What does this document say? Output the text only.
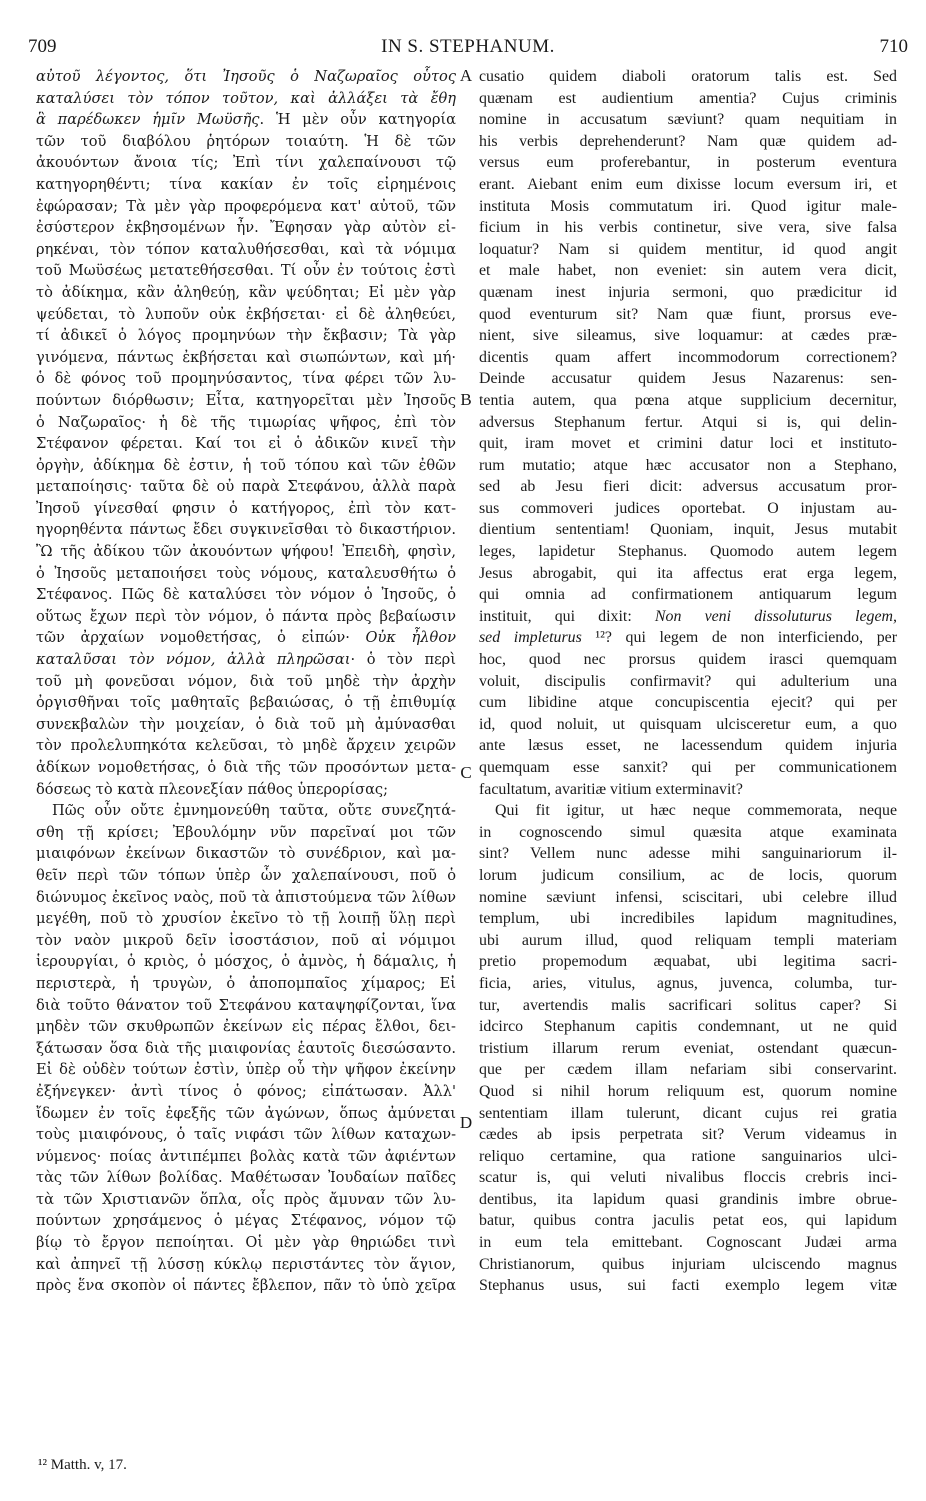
709	IN S. STEPHANUM.	710
αὐτοῦ λέγοντος, ὅτι Ἰησοῦς ὁ Ναζωραῖος οὗτος
καταλύσει τὸν τόπον τοῦτον, καὶ ἀλλάξει τὰ ἔθη
ἃ παρέδωκεν ἡμῖν Μωϋσῆς. Ἡ μὲν οὖν κατηγορία
τῶν τοῦ διαβόλου ῥητόρων τοιαύτη. Ἡ δὲ τῶν
ἀκουόντων ἄνοια τίς; Ἐπὶ τίνι χαλεπαίνουσι τῷ
κατηγορηθέντι; τίνα κακίαν ἐν τοῖς εἰρημένοις
ἐφώρασαν; Τὰ μὲν γὰρ προφερόμενα κατ' αὐτοῦ, τῶν
ἐσύστερον ἐκβησομένων ἦν. Ἔφησαν γὰρ αὐτὸν εἰ-
ρηκέναι, τὸν τόπον καταλυθήσεσθαι, καὶ τὰ νόμιμα
τοῦ Μωϋσέως μετατεθήσεσθαι. Τί οὖν ἐν τούτοις ἐστὶ
τὸ ἀδίκημα, κἂν ἀληθεύῃ, κἂν ψεύδηται; Εἰ μὲν γὰρ
ψεύδεται, τὸ λυποῦν οὐκ ἐκβήσεται· εἰ δὲ ἀληθεύει,
τί ἀδικεῖ ὁ λόγος προμηνύων τὴν ἔκβασιν; Τὰ γὰρ
γινόμενα, πάντως ἐκβήσεται καὶ σιωπώντων, καὶ μή·
ὁ δὲ φόνος τοῦ προμηνύσαντος, τίνα φέρει τῶν λυ-
πούντων διόρθωσιν; Εἶτα, κατηγορεῖται μὲν Ἰησοῦς
ὁ Ναζωραῖος· ἡ δὲ τῆς τιμωρίας ψῆφος, ἐπὶ τὸν
Στέφανον φέρεται. Καί τοι εἰ ὁ ἀδικῶν κινεῖ τὴν
ὀργὴν, ἀδίκημα δὲ ἐστιν, ἡ τοῦ τόπου καὶ τῶν ἐθῶν
μεταποίησις· ταῦτα δὲ οὐ παρὰ Στεφάνου, ἀλλὰ παρὰ
Ἰησοῦ γίνεσθαί φησιν ὁ κατήγορος, ἐπὶ τὸν κατ-
ηγορηθέντα πάντως ἔδει συγκινεῖσθαι τὸ δικαστήριον.
Ὢ τῆς ἀδίκου τῶν ἀκουόντων ψήφου! Ἐπειδὴ, φησὶν,
ὁ Ἰησοῦς μεταποιήσει τοὺς νόμους, καταλευσθήτω ὁ
Στέφανος. Πῶς δὲ καταλύσει τὸν νόμον ὁ Ἰησοῦς, ὁ
οὕτως ἔχων περὶ τὸν νόμον, ὁ πάντα πρὸς βεβαίωσιν
τῶν ἀρχαίων νομοθετήσας, ὁ εἰπών· Οὐκ ἦλθον
καταλῦσαι τὸν νόμον, ἀλλὰ πληρῶσαι· ὁ τὸν περὶ
τοῦ μὴ φονεῦσαι νόμον, διὰ τοῦ μηδὲ τὴν ἀρχὴν
ὀργισθῆναι τοῖς μαθηταῖς βεβαιώσας, ὁ τῇ ἐπιθυμίᾳ
συνεκβαλὼν τὴν μοιχείαν, ὁ διὰ τοῦ μὴ ἀμύνασθαι
τὸν προλελυπηκότα κελεῦσαι, τὸ μηδὲ ἄρχειν χειρῶν
ἀδίκων νομοθετήσας, ὁ διὰ τῆς τῶν προσόντων μετα-
δόσεως τὸ κατὰ πλεονεξίαν πάθος ὑπερορίσας;
Πῶς οὖν οὔτε ἐμνημονεύθη ταῦτα, οὔτε συνεζητά-
σθη τῇ κρίσει; Ἐβουλόμην νῦν παρεῖναί μοι τῶν
μιαιφόνων ἐκείνων δικαστῶν τὸ συνέδριον, καὶ μα-
θεῖν περὶ τῶν τόπων ὑπὲρ ὧν χαλεπαίνουσι, ποῦ ὁ
διώνυμος ἐκεῖνος ναὸς, ποῦ τὰ ἀπιστούμενα τῶν λίθων
μεγέθη, ποῦ τὸ χρυσίον ἐκεῖνο τὸ τῇ λοιπῇ ὕλῃ περὶ
τὸν ναὸν μικροῦ δεῖν ἰσοστάσιον, ποῦ αἱ νόμιμοι
ἱερουργίαι, ὁ κριὸς, ὁ μόσχος, ὁ ἀμνὸς, ἡ δάμαλις, ἡ
περιστερὰ, ἡ τρυγὼν, ὁ ἀποπομπαῖος χίμαρος; Εἰ
διὰ τοῦτο θάνατον τοῦ Στεφάνου καταψηφίζονται, ἵνα
μηδὲν τῶν σκυθρωπῶν ἐκείνων εἰς πέρας ἔλθοι, δει-
ξάτωσαν ὅσα διὰ τῆς μιαιφονίας ἑαυτοῖς διεσώσαντο.
Εἰ δὲ οὐδὲν τούτων ἐστὶν, ὑπὲρ οὗ τὴν ψῆφον ἐκείνην
ἐξήνεγκεν· ἀντὶ τίνος ὁ φόνος; εἰπάτωσαν. Ἀλλ'
ἴδωμεν ἐν τοῖς ἐφεξῆς τῶν ἀγώνων, ὅπως ἀμύνεται
τοὺς μιαιφόνους, ὁ ταῖς νιφάσι τῶν λίθων καταχων-
νύμενος· ποίας ἀντιπέμπει βολὰς κατὰ τῶν ἀφιέντων
τὰς τῶν λίθων βολίδας. Μαθέτωσαν Ἰουδαίων παῖδες
τὰ τῶν Χριστιανῶν ὅπλα, οἷς πρὸς ἄμυναν τῶν λυ-
πούντων χρησάμενος ὁ μέγας Στέφανος, νόμον τῷ
βίῳ τὸ ἔργον πεποίηται. Οἱ μὲν γὰρ θηριώδει τινὶ
καὶ ἀπηνεῖ τῇ λύσσῃ κύκλῳ περιστάντες τὸν ἅγιον,
πρὸς ἕνα σκοπὸν οἱ πάντες ἔβλεπον, πᾶν τὸ ὑπὸ χεῖρα
A
B
C
D
cusatio quidem diaboli oratorum talis est. Sed
quænam est audientium amentia? Cujus criminis
nomine in accusatum sæviunt? quam nequitiam in
his verbis deprehenderunt? Nam quæ quidem ad-
versus eum proferebantur, in posterum eventura
erant. Aiebant enim eum dixisse locum eversum iri, et
instituta Mosis commutatum iri. Quod igitur male-
ficium in his verbis continetur, sive vera, sive falsa
loquatur? Nam si quidem mentitur, id quod angit
et male habet, non eveniet: sin autem vera dicit,
quænam inest injuria sermoni, quo prædicitur id
quod eventurum sit? Nam quæ fiunt, prorsus eve-
nient, sive sileamus, sive loquamur: at cædes præ-
dicentis quam affert incommodorum correctionem?
Deinde accusatur quidem Jesus Nazarenus: sen-
tentia autem, qua pœna atque supplicium decernitur,
adversus Stephanum fertur. Atqui si is, qui delin-
quit, iram movet et crimini datur loci et instituto-
rum mutatio; atque hæc accusator non a Stephano,
sed ab Jesu fieri dicit: adversus accusatum pror-
sus commoveri judices oportebat. O injustam au-
dientium sententiam! Quoniam, inquit, Jesus mutabit
leges, lapidetur Stephanus. Quomodo autem legem
Jesus abrogabit, qui ita affectus erat erga legem,
qui omnia ad confirmationem antiquarum legum
instituit, qui dixit: Non veni dissoluturus legem,
sed impleturus ¹²? qui legem de non interficiendo, per
hoc, quod nec prorsus quidem irasci quemquam
voluit, discipulis confirmavit? qui adulterium una
cum libidine atque concupiscentia ejecit? qui per
id, quod noluit, ut quisquam ulcisceretur eum, a quo
ante læsus esset, ne lacessendum quidem injuria
quemquam esse sanxit? qui per communicationem
facultatum, avaritiæ vitium exterminavit?
Qui fit igitur, ut hæc neque commemorata, neque
in cognoscendo simul quæsita atque examinata
sint? Vellem nunc adesse mihi sanguinariorum il-
lorum judicum consilium, ac de locis, quorum
nomine sæviunt infensi, sciscitari, ubi celebre illud
templum, ubi incredibiles lapidum magnitudines,
ubi aurum illud, quod reliquam templi materiam
pretio propemodum æquabat, ubi legitima sacri-
ficia, aries, vitulus, agnus, juvenca, columba, tur-
tur, avertendis malis sacrificari solitus caper? Si
idcirco Stephanum capitis condemnant, ut ne quid
tristium illarum rerum eveniat, ostendant quæcun-
que per cædem illam nefariam sibi conservarint.
Quod si nihil horum reliquum est, quorum nomine
sententiam illam tulerunt, dicant cujus rei gratia
cædes ab ipsis perpetrata sit? Verum videamus in
reliquo certamine, qua ratione sanguinarios ulci-
scatur is, qui veluti nivalibus floccis crebris inci-
dentibus, ita lapidum quasi grandinis imbre obrue-
batur, quibus contra jaculis petat eos, qui lapidum
in eum tela emittebant. Cognoscant Judæi arma
Christianorum, quibus injuriam ulciscendo magnus
Stephanus usus, sui facti exemplo legem vitæ
¹² Matth. v, 17.
